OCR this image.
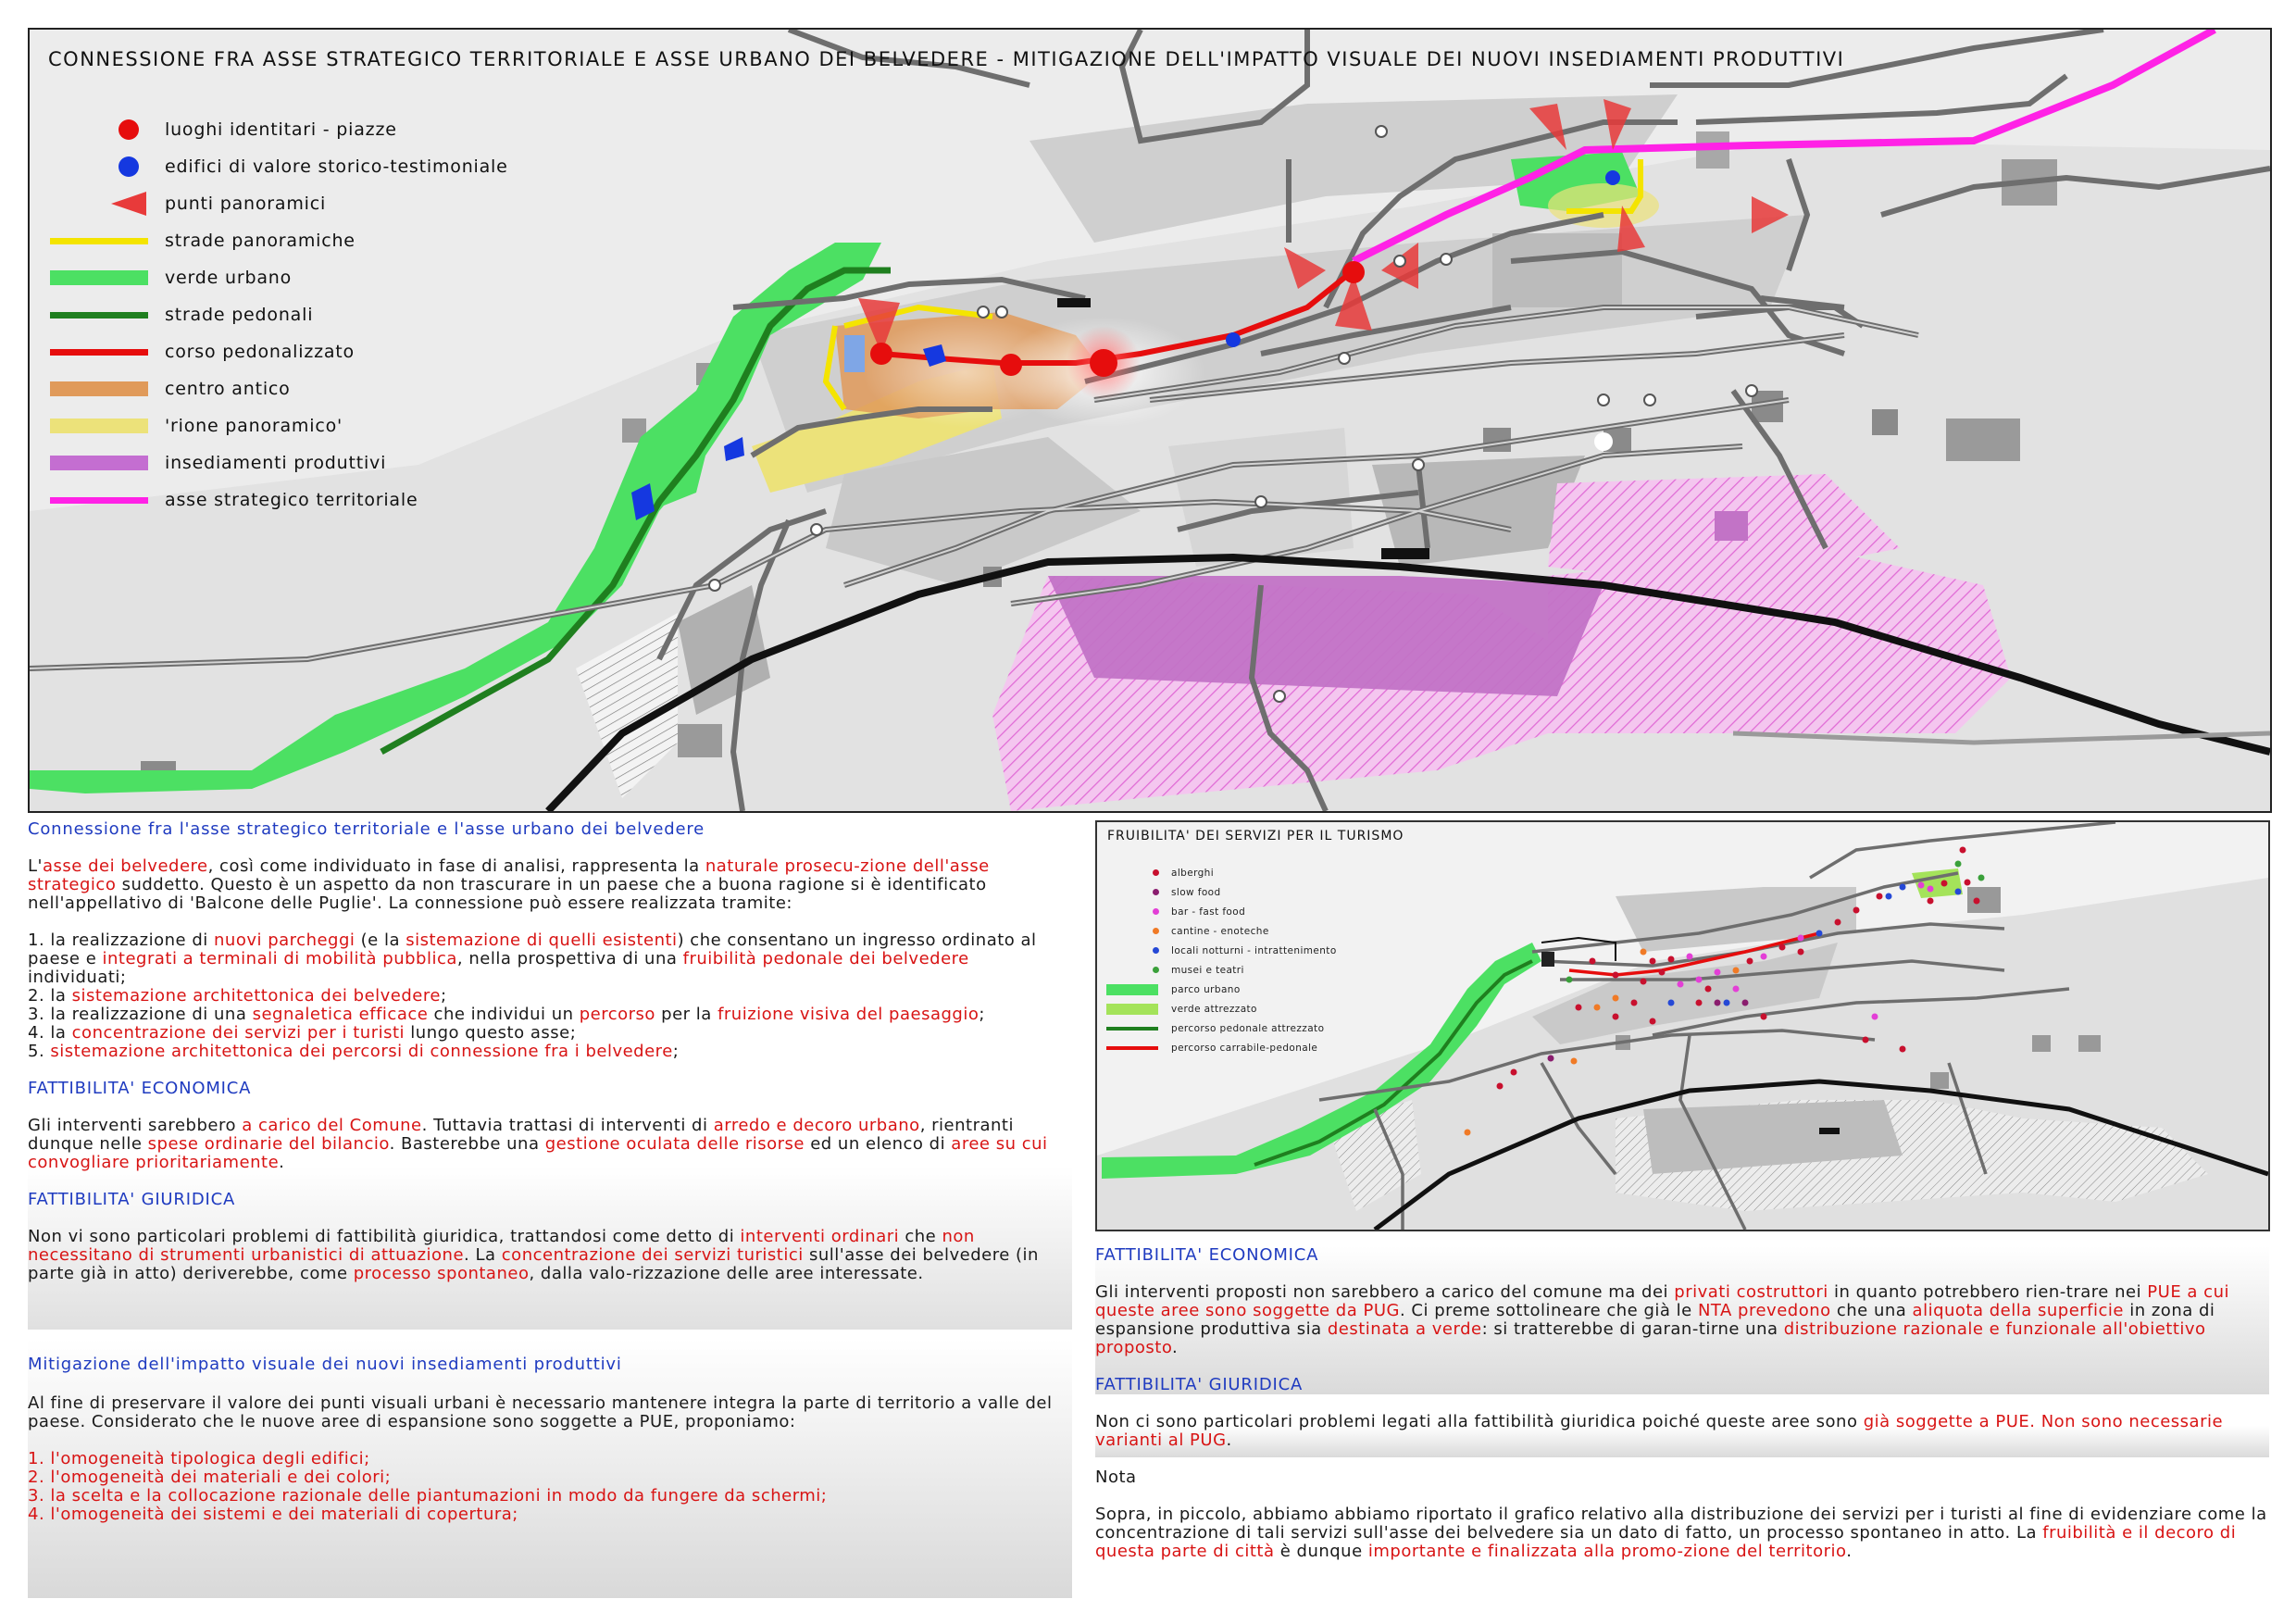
CONNESSIONE FRA ASSE STRATEGICO TERRITORIALE E ASSE URBANO DEI BELVEDERE - MITIGAZIONE DELL'IMPATTO VISUALE DEI NUOVI INSEDIAMENTI PRODUTTIVI
luoghi identitari - piazze
edifici di valore storico-testimoniale
punti panoramici
strade panoramiche
verde urbano
strade pedonali
corso pedonalizzato
centro antico
'rione panoramico'
insediamenti produttivi
asse strategico territoriale

Connessione fra l'asse strategico territoriale e l'asse urbano dei belvedere

L'asse dei belvedere, così come individuato in fase di analisi, rappresenta la naturale prosecu-zione dell'asse strategico suddetto. Questo è un aspetto da non trascurare in un paese che a buona ragione si è identificato nell'appellativo di 'Balcone delle Puglie'. La connessione può essere realizzata tramite:

1. la realizzazione di nuovi parcheggi (e la sistemazione di quelli esistenti) che consentano un ingresso ordinato al paese e integrati a terminali di mobilità pubblica, nella prospettiva di una fruibilità pedonale dei belvedere individuati;

2. la sistemazione architettonica dei belvedere;

3. la realizzazione di una segnaletica efficace che individui un percorso per la fruizione visiva del paesaggio;

4. la concentrazione dei servizi per i turisti lungo questo asse;

5. sistemazione architettonica dei percorsi di connessione fra i belvedere;

FATTIBILITA' ECONOMICA

Gli interventi sarebbero a carico del Comune. Tuttavia trattasi di interventi di arredo e decoro urbano, rientranti dunque nelle spese ordinarie del bilancio. Basterebbe una gestione oculata delle risorse ed un elenco di aree su cui convogliare prioritariamente.

FATTIBILITA' GIURIDICA

Non vi sono particolari problemi di fattibilità giuridica, trattandosi come detto di interventi ordinari che non necessitano di strumenti urbanistici di attuazione. La concentrazione dei servizi turistici sull'asse dei belvedere (in parte già in atto) deriverebbe, come processo spontaneo, dalla valo-rizzazione delle aree interessate.

Mitigazione dell'impatto visuale dei nuovi insediamenti produttivi

Al fine di preservare il valore dei punti visuali urbani è necessario mantenere integra la parte di territorio a valle del paese. Considerato che le nuove aree di espansione sono soggette a PUE, proponiamo:

1. l'omogeneità tipologica degli edifici;

2. l'omogeneità dei materiali e dei colori;

3. la scelta e la collocazione razionale delle piantumazioni in modo da fungere da schermi;

4. l'omogeneità dei sistemi e dei materiali di copertura;

alberghi
slow food
bar - fast food
cantine - enoteche
locali notturni - intrattenimento
musei e teatri
parco urbano
verde attrezzato
percorso pedonale attrezzato
percorso carrabile-pedonale
FRUIBILITA' DEI SERVIZI PER IL TURISMO

FATTIBILITA' ECONOMICA

Gli interventi proposti non sarebbero a carico del comune ma dei privati costruttori in quanto potrebbero rien-trare nei PUE a cui queste aree sono soggette da PUG. Ci preme sottolineare che già le NTA prevedono che una aliquota della superficie in zona di espansione produttiva sia destinata a verde: si tratterebbe di garan-tirne una distribuzione razionale e funzionale all'obiettivo proposto.

FATTIBILITA' GIURIDICA

Non ci sono particolari problemi legati alla fattibilità giuridica poiché queste aree sono già soggette a PUE. Non sono necessarie varianti al PUG.

Nota

Sopra, in piccolo, abbiamo abbiamo riportato il grafico relativo alla distribuzione dei servizi per i turisti al fine di evidenziare come la concentrazione di tali servizi sull'asse dei belvedere sia un dato di fatto, un processo spontaneo in atto. La fruibilità e il decoro di questa parte di città è dunque importante e finalizzata alla promo-zione del territorio.
